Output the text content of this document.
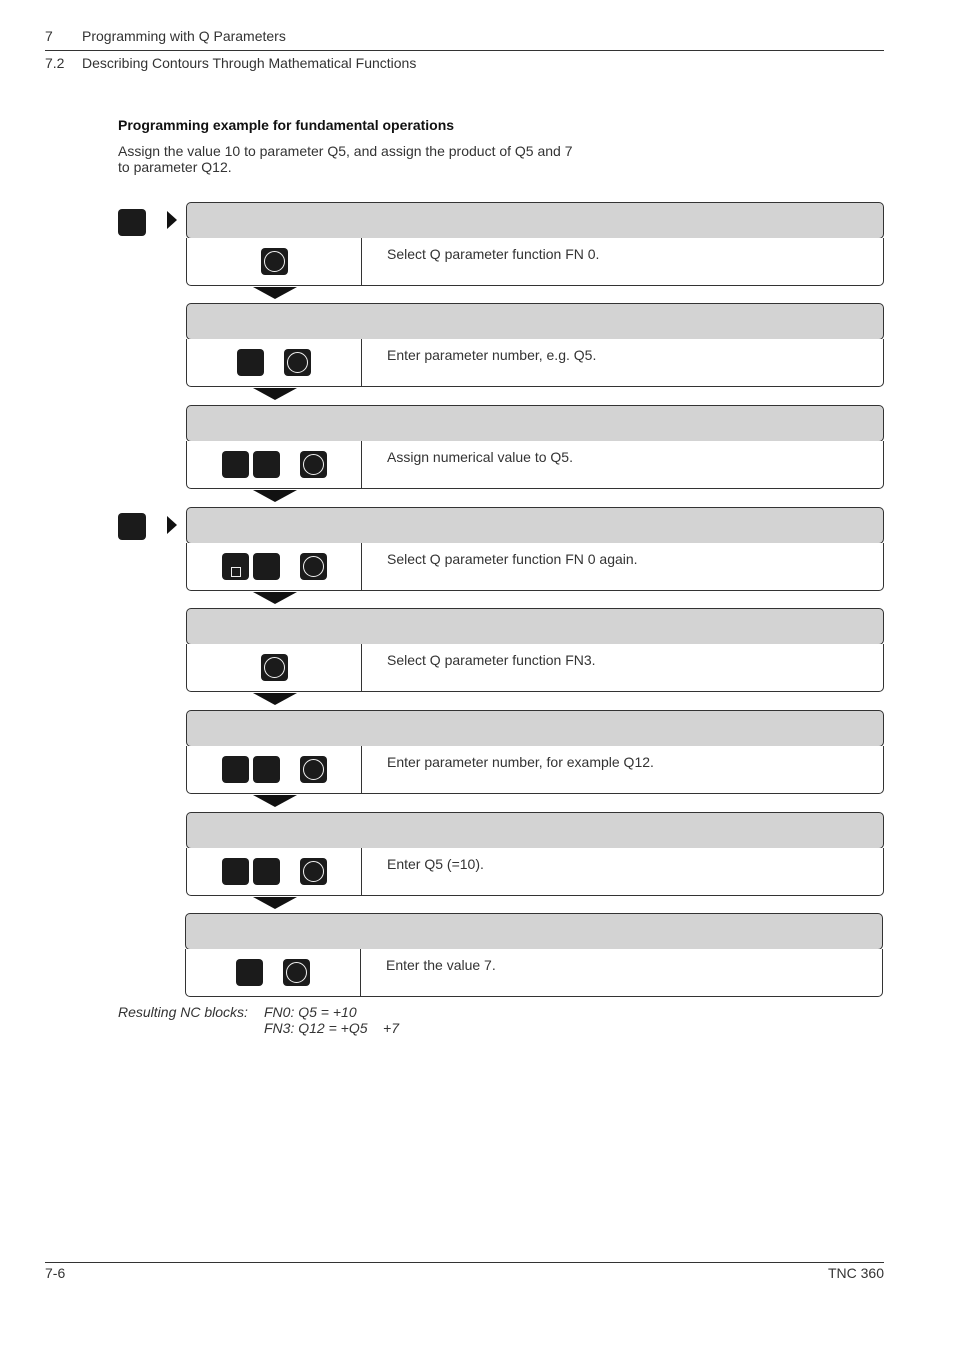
7 Programming with Q Parameters
7.2 Describing Contours Through Mathematical Functions
Programming example for fundamental operations
Assign the value 10 to parameter Q5, and assign the product of Q5 and 7
to parameter Q12.
Select Q parameter function FN 0.
Enter parameter number, e.g. Q5.
Assign numerical value to Q5.
Select Q parameter function FN 0 again.
Select Q parameter function FN3.
Enter parameter number, for example Q12.
Enter Q5 (=10).
Enter the value 7.
Resulting NC blocks: FN0: Q5 = +10
FN3: Q12 = +Q5    +7
7-6	TNC 360
